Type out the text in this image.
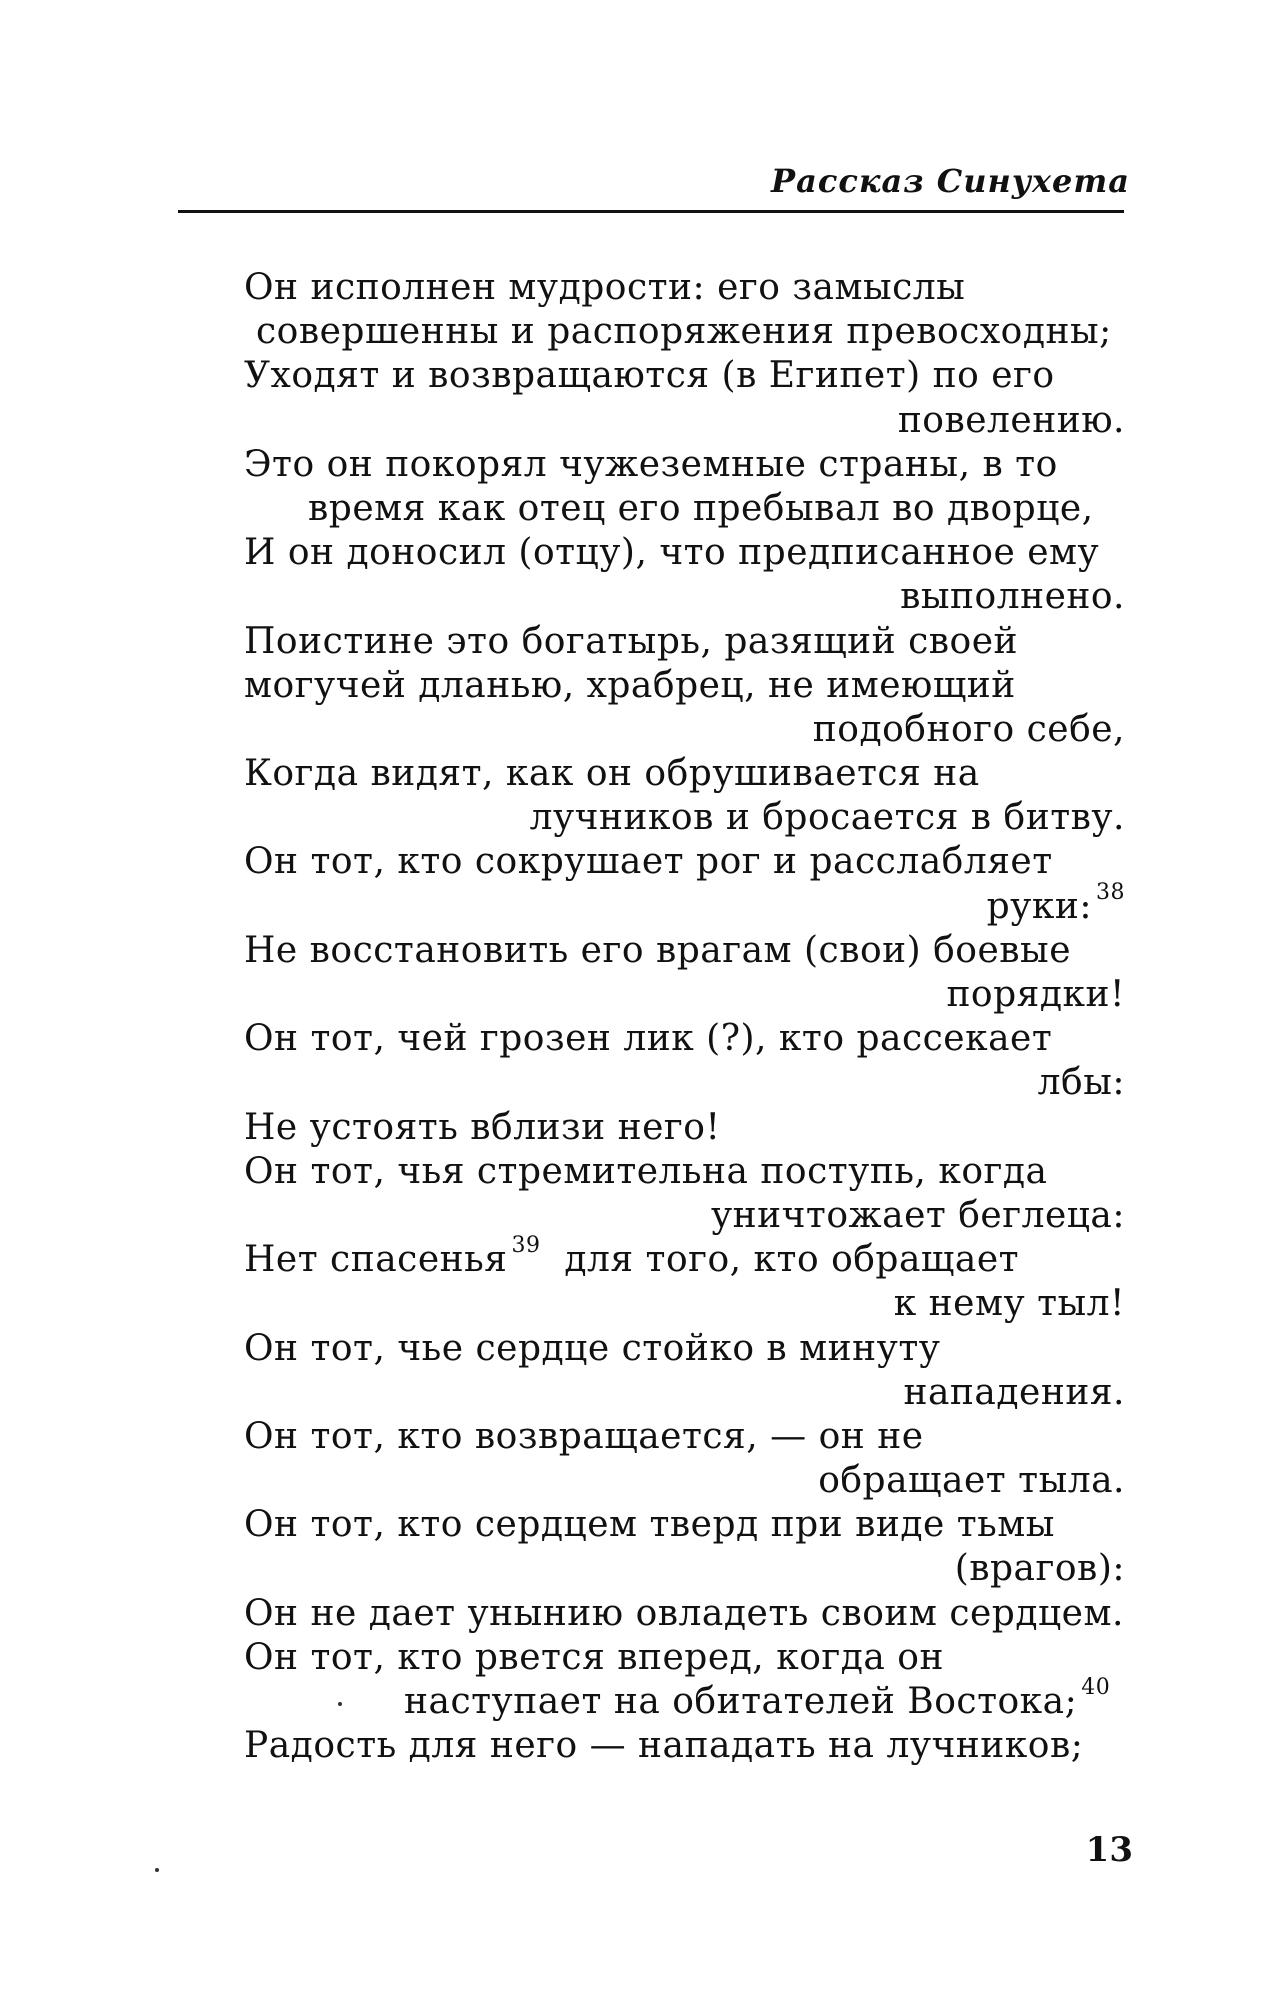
Рассказ Синухета
Он исполнен мудрости: его замыслы
совершенны и распоряжения превосходны;
Уходят и возвращаются (в Египет) по его
повелению.
Это он покорял чужеземные страны, в то
время как отец его пребывал во дворце,
И он доносил (отцу), что предписанное ему
выполнено.
Поистине это богатырь, разящий своей
могучей дланью, храбрец, не имеющий
подобного себе,
Когда видят, как он обрушивается на
лучников и бросается в битву.
Он тот, кто сокрушает рог и расслабляет
руки: $^{38}$
Не восстановить его врагам (свои) боевые
порядки!
Он тот, чей грозен лик (?), кто рассекает
лбы:
Не устоять вблизи него!
Он тот, чья стремительна поступь, когда
уничтожает беглеца:
Нет спасенья $^{39}$ для того, кто обращает
к нему тыл!
Он тот, чье сердце стойко в минуту
нападения.
Он тот, кто возвращается, — он не
обращает тыла.
Он тот, кто сердцем тверд при виде тьмы
(врагов):
Он не дает унынию овладеть своим сердцем.
Он тот, кто рвется вперед, когда он
наступает на обитателей Востока; $^{40}$
Радость для него — нападать на лучников;
13
